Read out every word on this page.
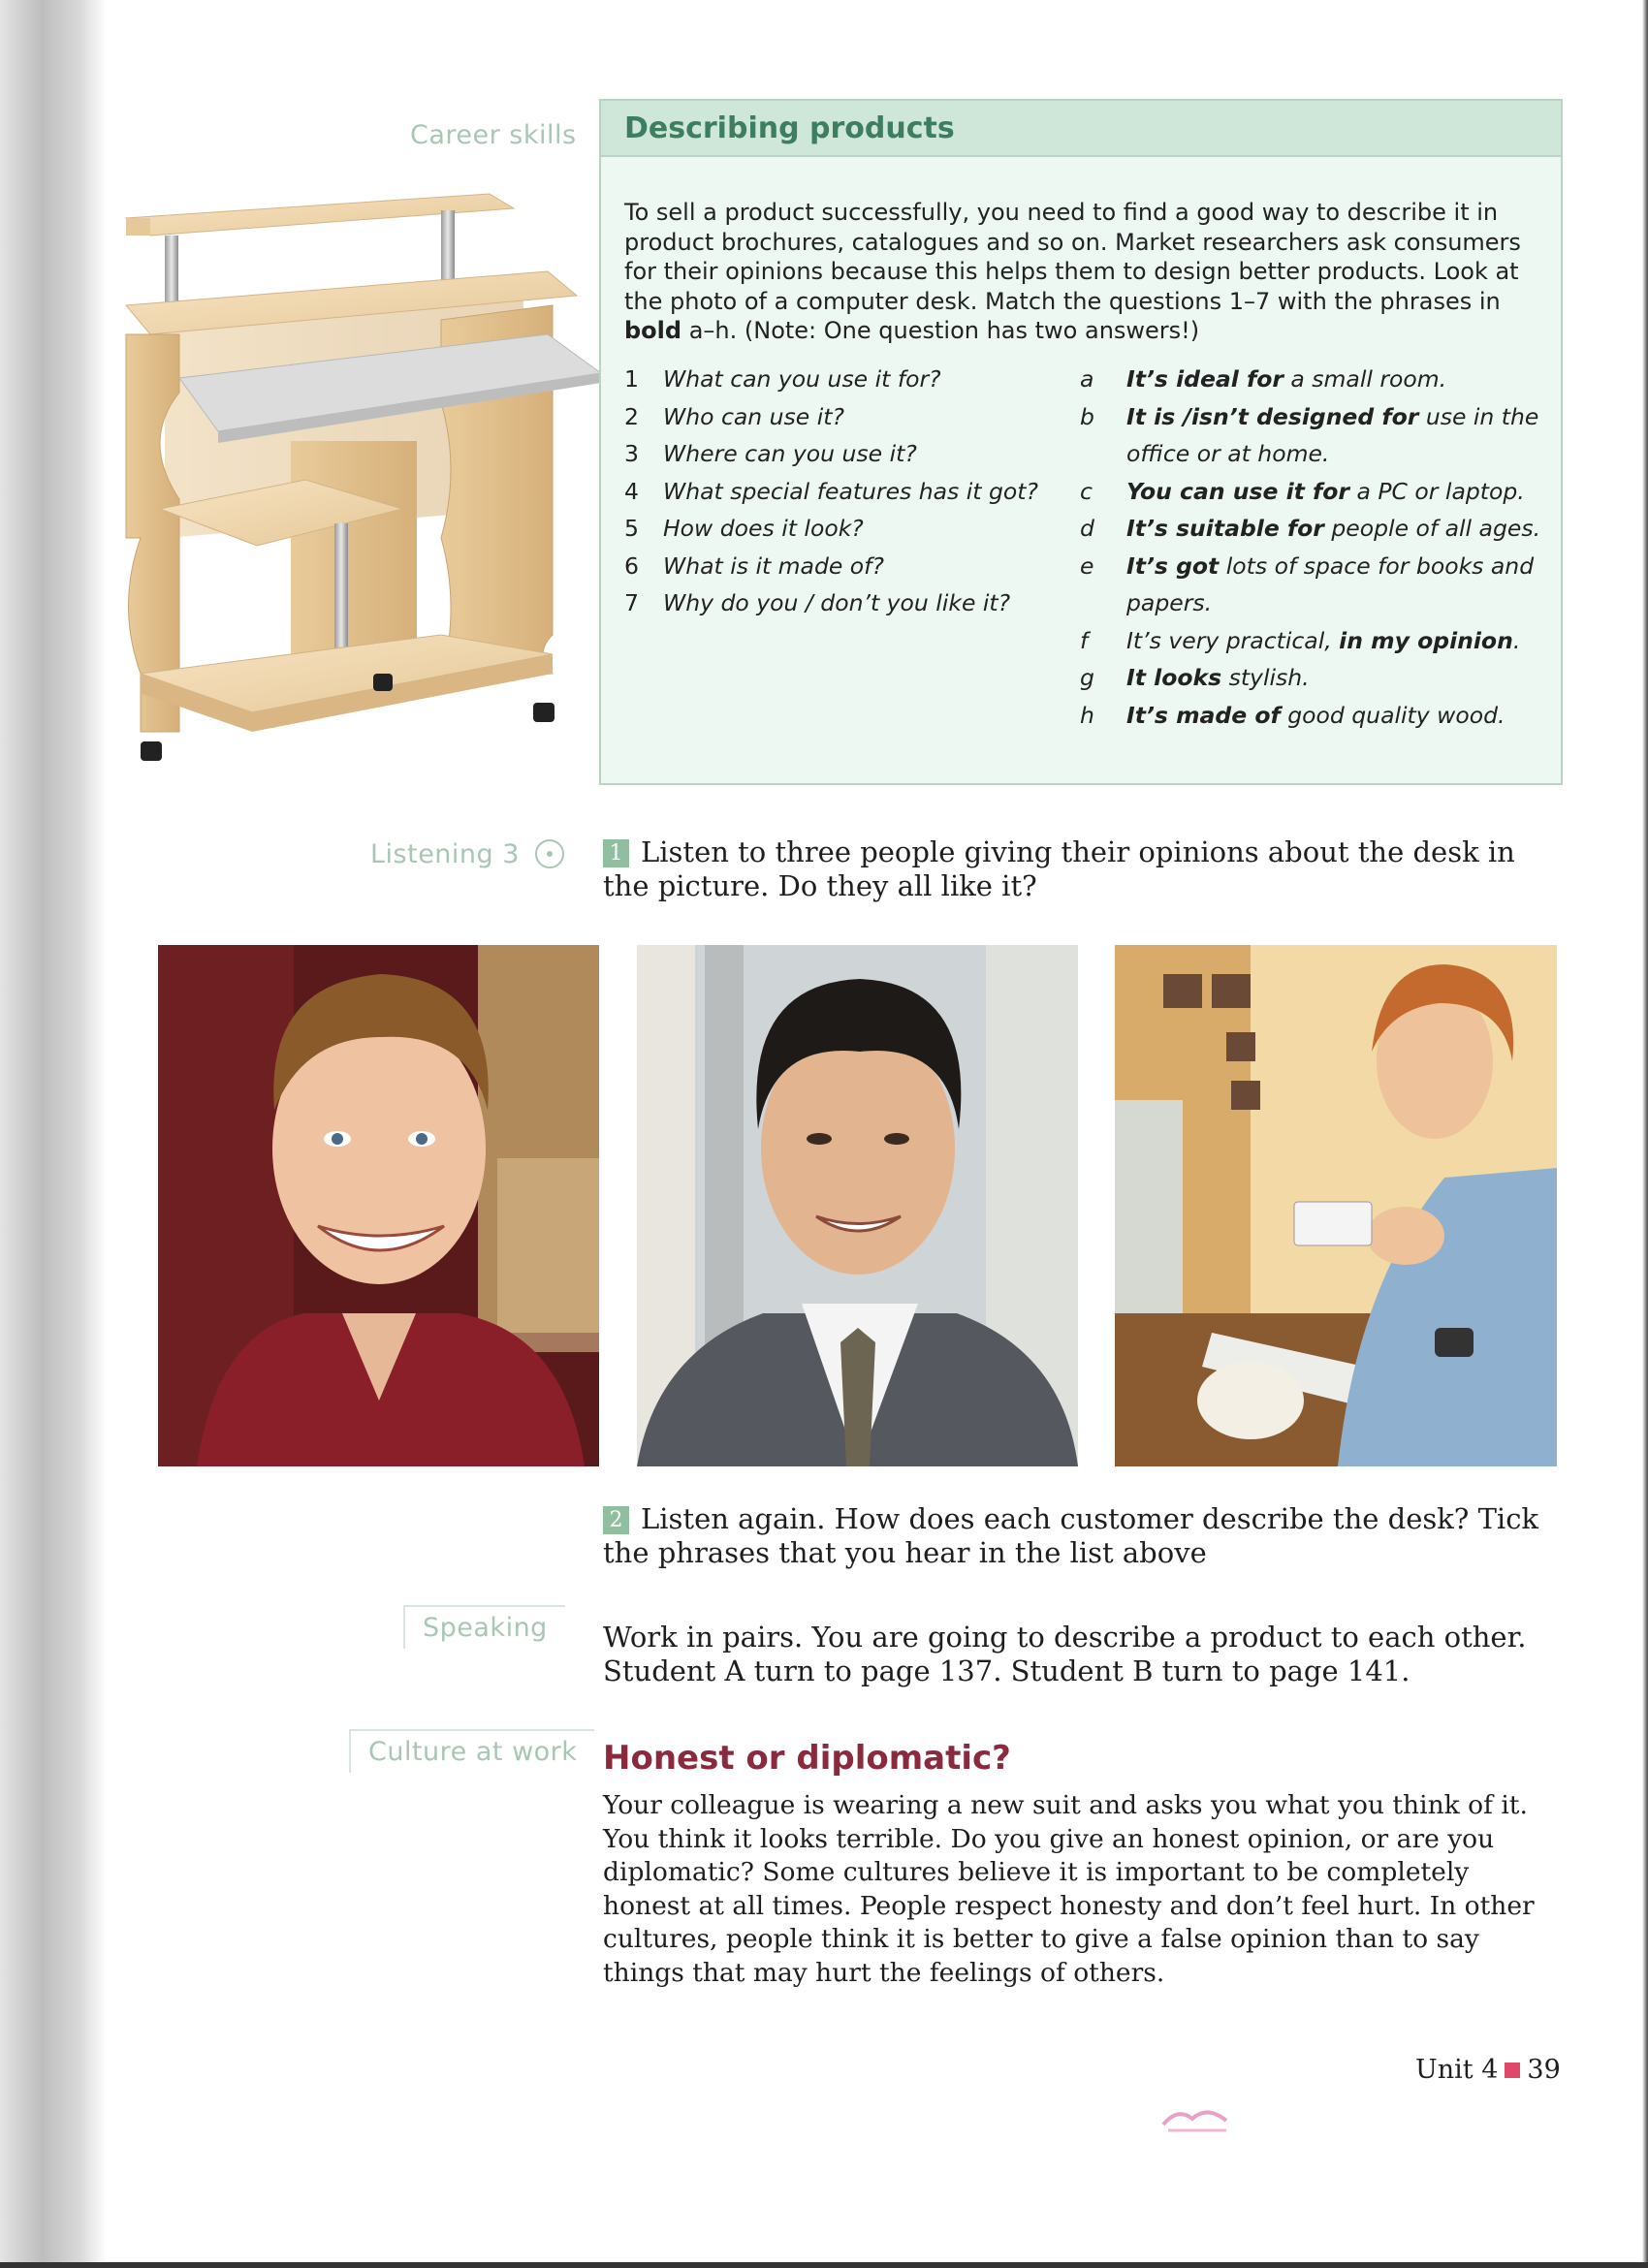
Career skills
Listening 3
Speaking
Culture at work
Describing products
To sell a product successfully, you need to find a good way to describe it in product brochures, catalogues and so on. Market researchers ask consumers for their opinions because this helps them to design better products. Look at the photo of a computer desk. Match the questions 1–7 with the phrases in bold a–h. (Note: One question has two answers!)
1	What can you use it for?
2	Who can use it?
3	Where can you use it?
4	What special features has it got?
5	How does it look?
6	What is it made of?
7	Why do you / don’t you like it?
a	It’s ideal for a small room.
b	It is /isn’t designed for use in the office or at home.
c	You can use it for a PC or laptop.
d	It’s suitable for people of all ages.
e	It’s got lots of space for books and papers.
f	It’s very practical, in my opinion.
g	It looks stylish.
h	It’s made of good quality wood.
1 Listen to three people giving their opinions about the desk in the picture. Do they all like it?
2 Listen again. How does each customer describe the desk? Tick the phrases that you hear in the list above
Work in pairs. You are going to describe a product to each other. Student A turn to page 137. Student B turn to page 141.
Honest or diplomatic?
Your colleague is wearing a new suit and asks you what you think of it. You think it looks terrible. Do you give an honest opinion, or are you diplomatic? Some cultures believe it is important to be completely honest at all times. People respect honesty and don’t feel hurt. In other cultures, people think it is better to give a false opinion than to say things that may hurt the feelings of others.
Unit 4 39
